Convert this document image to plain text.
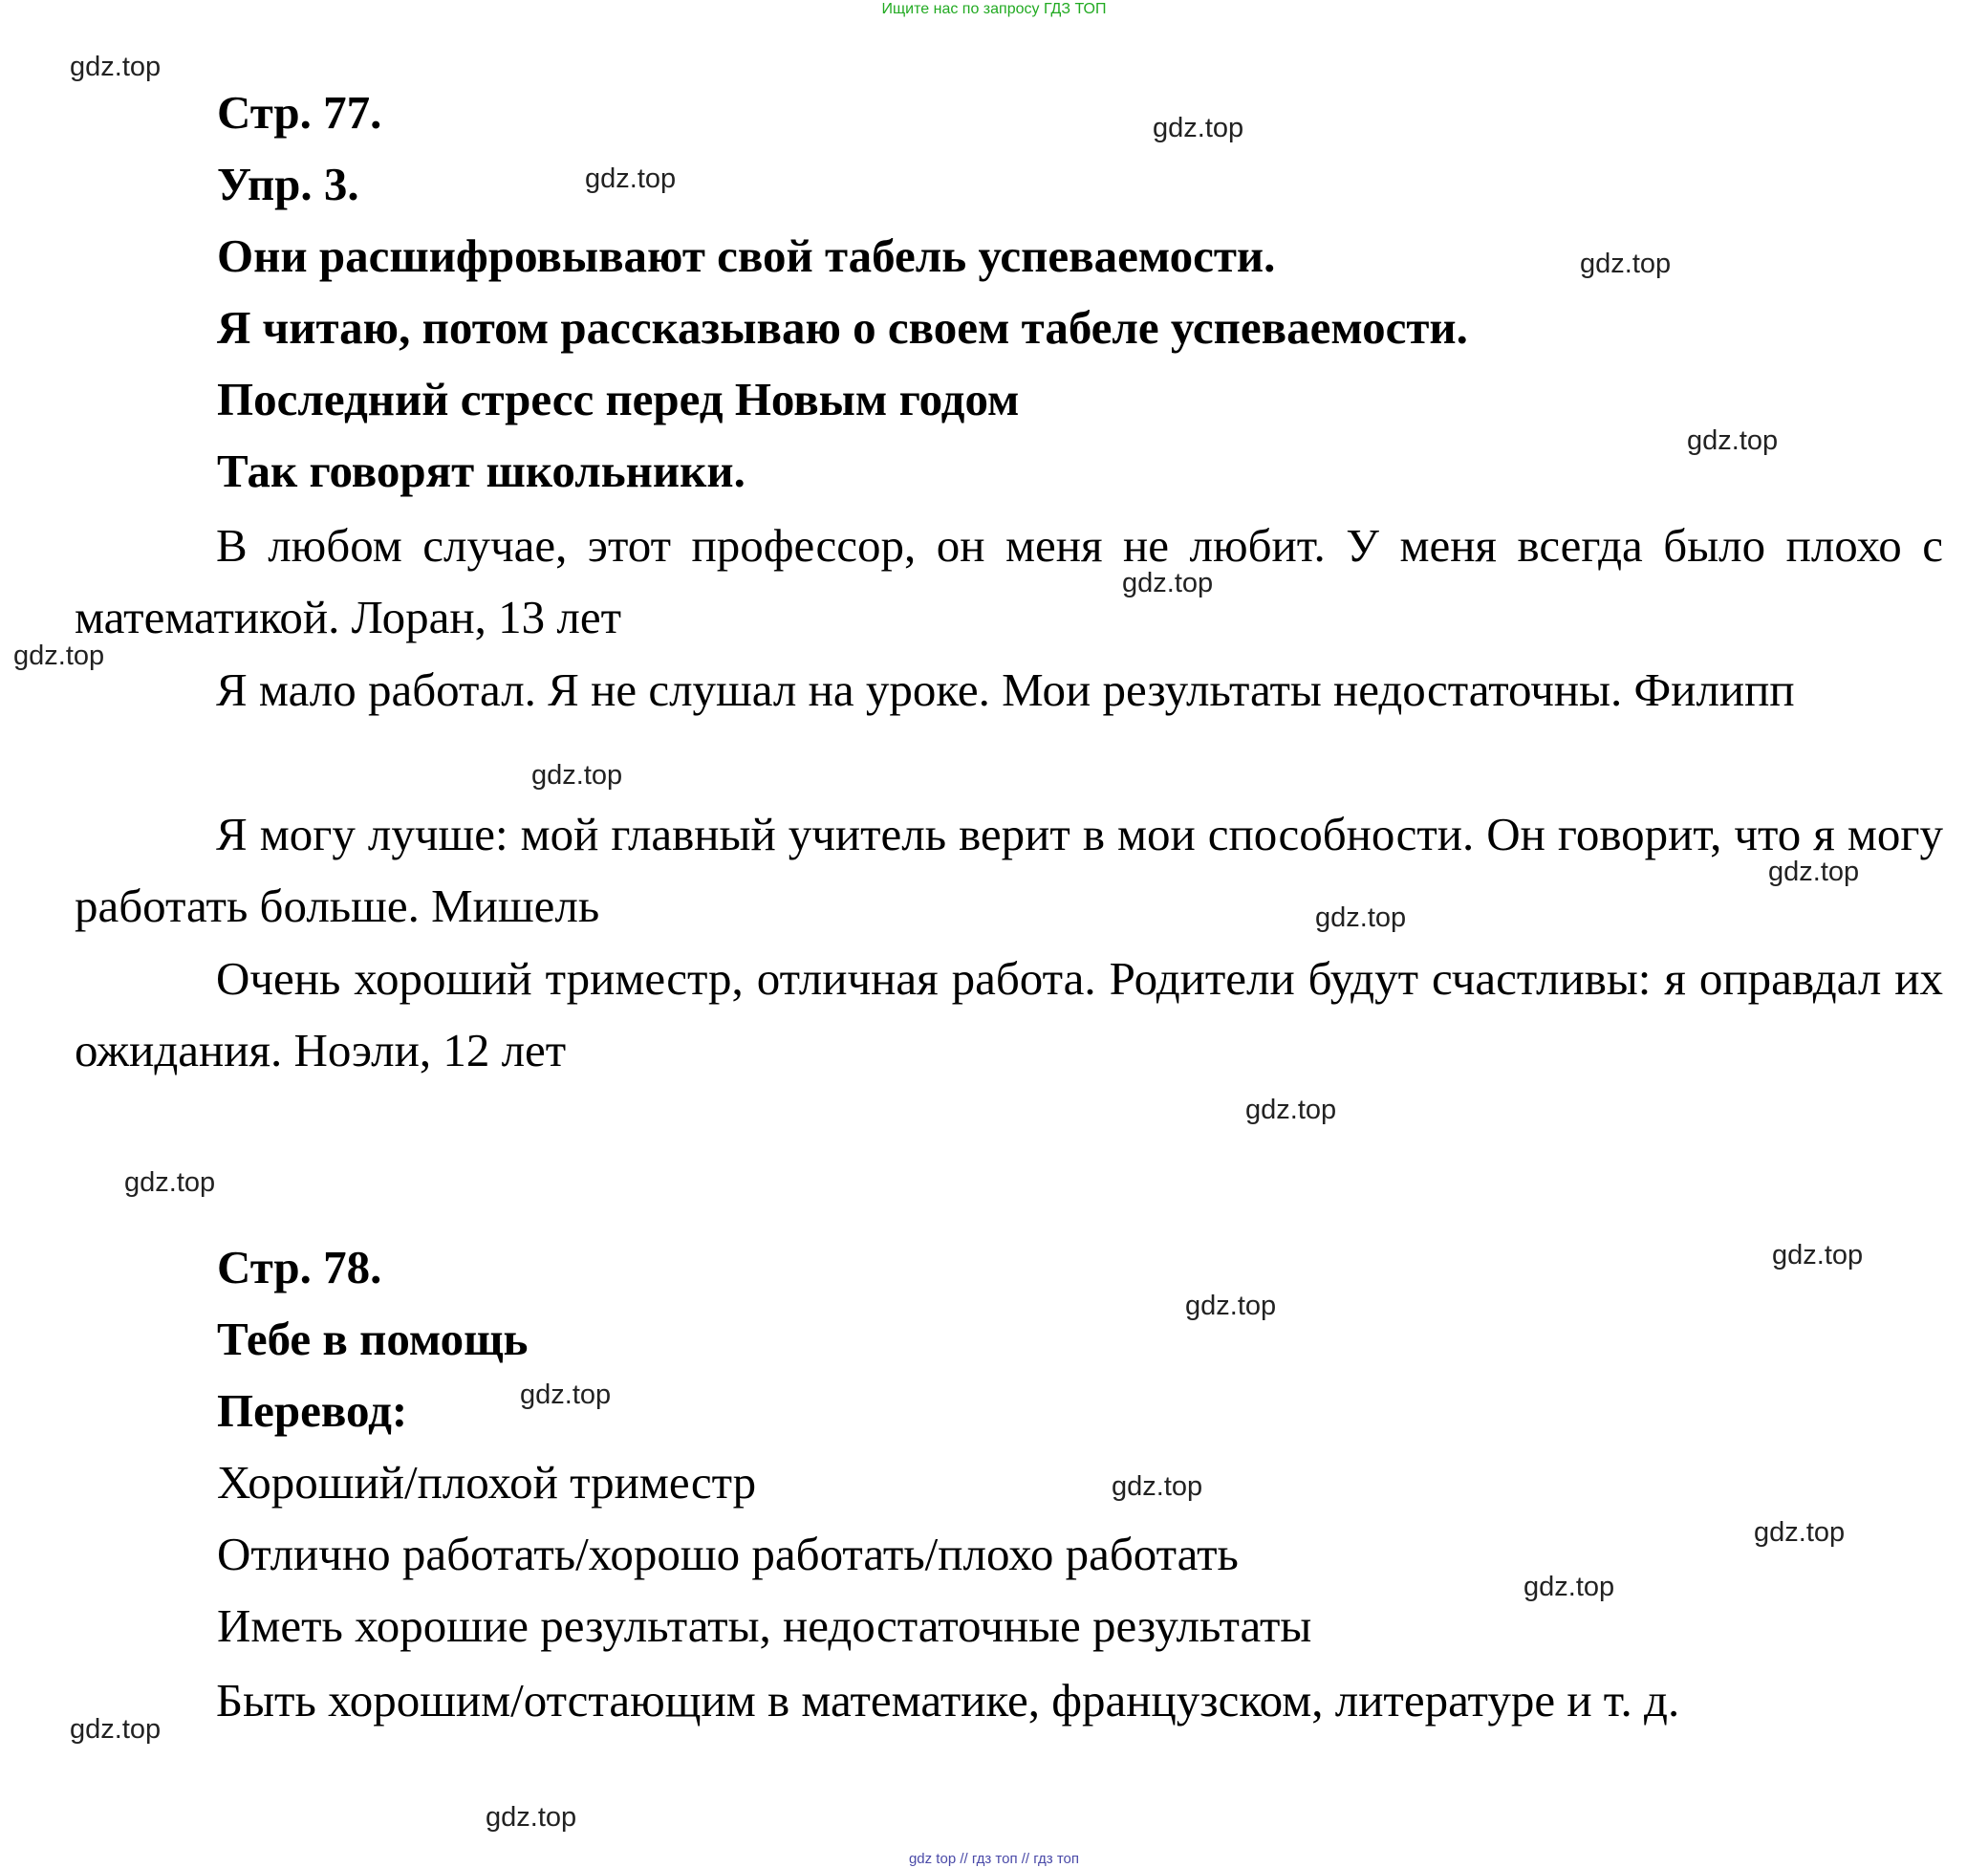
Ищите нас по запросу ГДЗ ТОП
Стр. 77.
Упр. 3.
Они расшифровывают свой табель успеваемости.
Я читаю, потом рассказываю о своем табеле успеваемости.
Последний стресс перед Новым годом
Так говорят школьники.
В любом случае, этот профессор, он меня не любит. У меня всегда было плохо с математикой. Лоран, 13 лет
Я мало работал. Я не слушал на уроке. Мои результаты недостаточны. Филипп
Я могу лучше: мой главный учитель верит в мои способности. Он говорит, что я могу работать больше. Мишель
Очень хороший триместр, отличная работа. Родители будут счастливы: я оправдал их ожидания. Ноэли, 12 лет
Стр. 78.
Тебе в помощь
Перевод:
Хороший/плохой триместр
Отлично работать/хорошо работать/плохо работать
Иметь хорошие результаты, недостаточные результаты
Быть хорошим/отстающим в математике, французском, литературе и т. д.
gdz.top
gdz.top
gdz.top
gdz.top
gdz.top
gdz.top
gdz.top
gdz.top
gdz.top
gdz.top
gdz.top
gdz.top
gdz.top
gdz.top
gdz.top
gdz.top
gdz.top
gdz.top
gdz.top
gdz.top
gdz top // гдз топ // гдз топ
